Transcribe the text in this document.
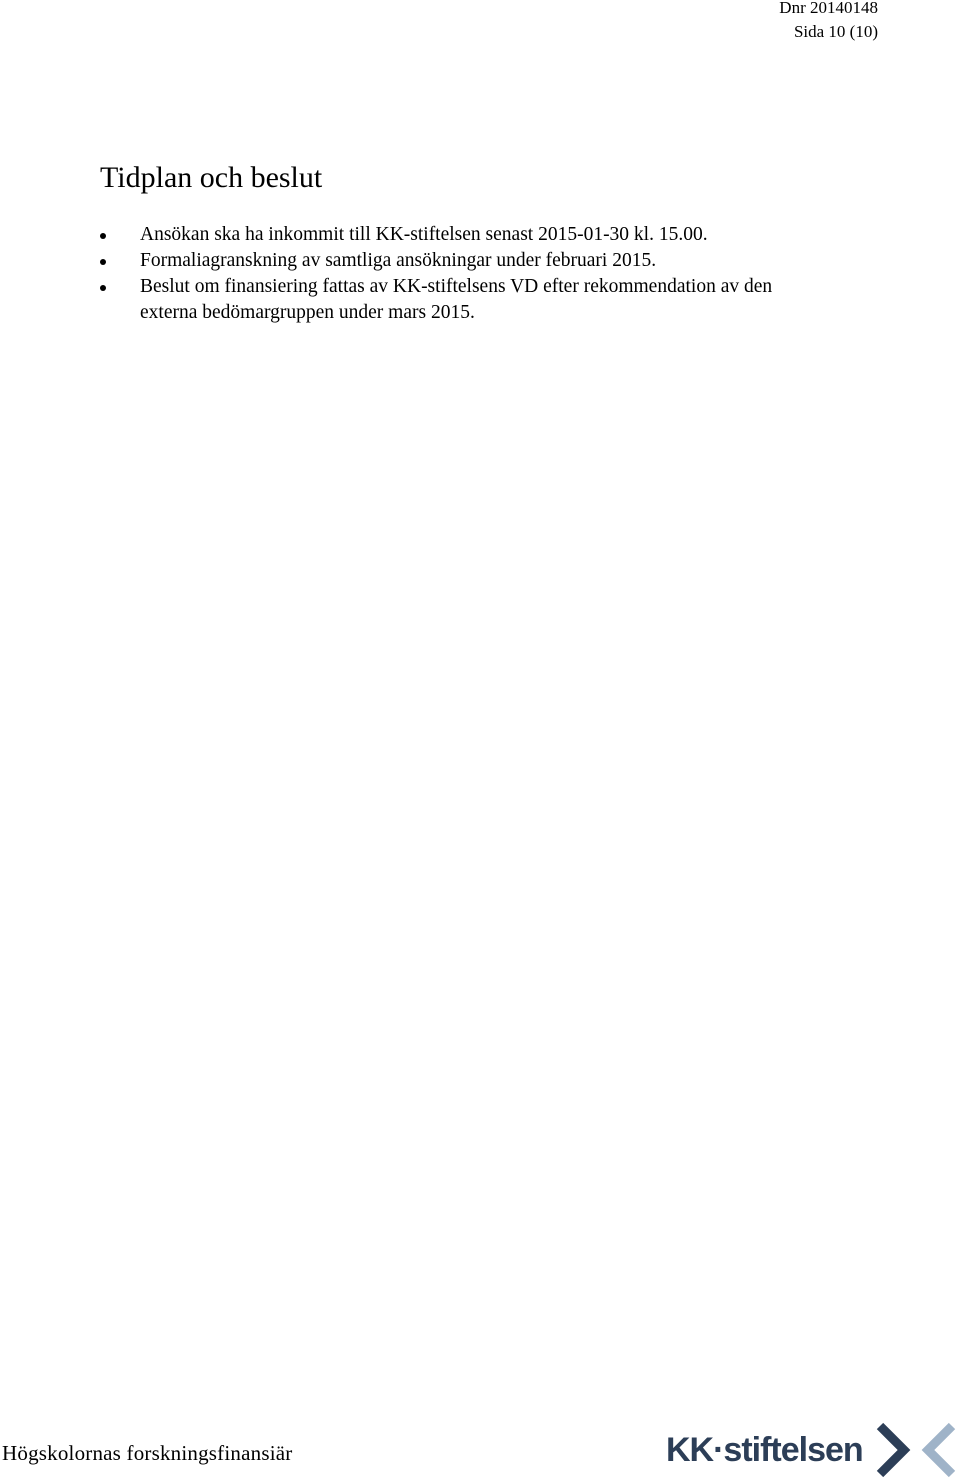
Dnr 20140148
Sida 10 (10)
Tidplan och beslut
Ansökan ska ha inkommit till KK-stiftelsen senast 2015-01-30 kl. 15.00.
Formaliagranskning av samtliga ansökningar under februari 2015.
Beslut om finansiering fattas av KK-stiftelsens VD efter rekommendation av den externa bedömargruppen under mars 2015.
Högskolornas forskningsfinansiär	KK·stiftelsen
